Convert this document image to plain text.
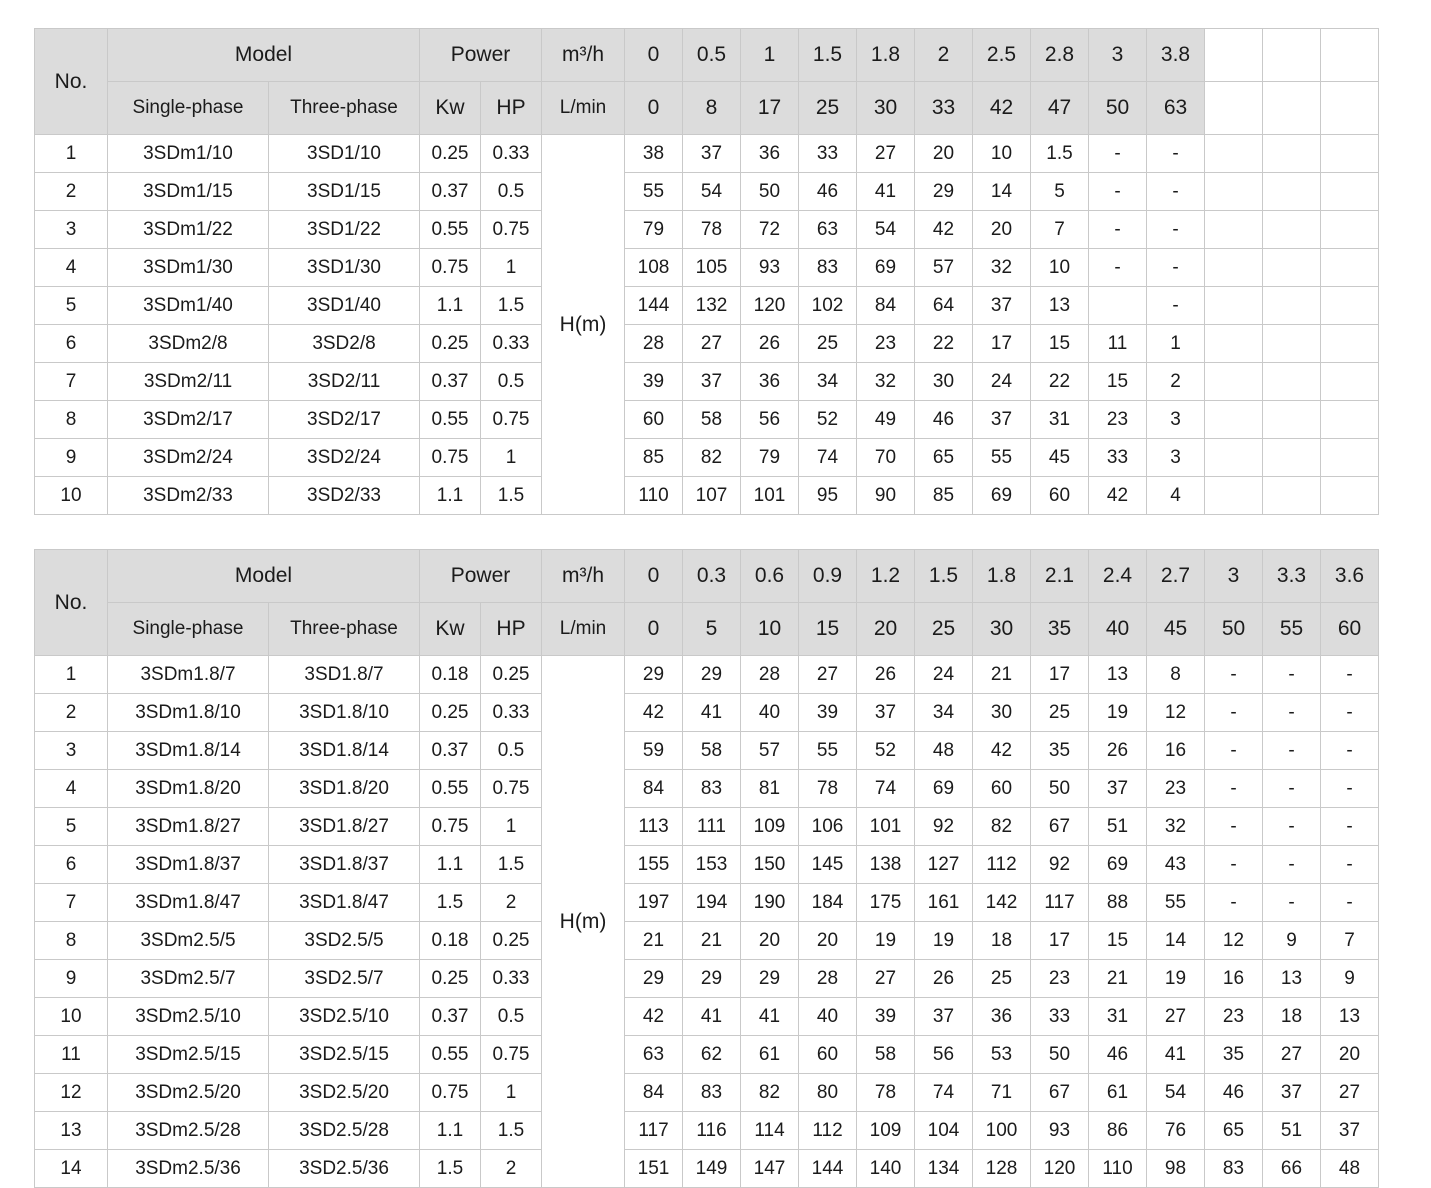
No.	Model		Power		m³/h	0	0.5	1	1.5	1.8	2	2.5	2.8	3	3.8			
	Single-phase	Three-phase	Kw	HP	L/min	0	8	17	25	30	33	42	47	50	63			
1	3SDm1/10	3SD1/10	0.25	0.33	H(m)	38	37	36	33	27	20	10	1.5	-	-			
2	3SDm1/15	3SD1/15	0.37	0.5		55	54	50	46	41	29	14	5	-	-			
3	3SDm1/22	3SD1/22	0.55	0.75		79	78	72	63	54	42	20	7	-	-			
4	3SDm1/30	3SD1/30	0.75	1		108	105	93	83	69	57	32	10	-	-			
5	3SDm1/40	3SD1/40	1.1	1.5		144	132	120	102	84	64	37	13		-			
6	3SDm2/8	3SD2/8	0.25	0.33		28	27	26	25	23	22	17	15	11	1			
7	3SDm2/11	3SD2/11	0.37	0.5		39	37	36	34	32	30	24	22	15	2			
8	3SDm2/17	3SD2/17	0.55	0.75		60	58	56	52	49	46	37	31	23	3			
9	3SDm2/24	3SD2/24	0.75	1		85	82	79	74	70	65	55	45	33	3			
10	3SDm2/33	3SD2/33	1.1	1.5		110	107	101	95	90	85	69	60	42	4			
No.	Model		Power		m³/h	0	0.3	0.6	0.9	1.2	1.5	1.8	2.1	2.4	2.7	3	3.3	3.6
	Single-phase	Three-phase	Kw	HP	L/min	0	5	10	15	20	25	30	35	40	45	50	55	60
1	3SDm1.8/7	3SD1.8/7	0.18	0.25	H(m)	29	29	28	27	26	24	21	17	13	8	-	-	-
2	3SDm1.8/10	3SD1.8/10	0.25	0.33		42	41	40	39	37	34	30	25	19	12	-	-	-
3	3SDm1.8/14	3SD1.8/14	0.37	0.5		59	58	57	55	52	48	42	35	26	16	-	-	-
4	3SDm1.8/20	3SD1.8/20	0.55	0.75		84	83	81	78	74	69	60	50	37	23	-	-	-
5	3SDm1.8/27	3SD1.8/27	0.75	1		113	111	109	106	101	92	82	67	51	32	-	-	-
6	3SDm1.8/37	3SD1.8/37	1.1	1.5		155	153	150	145	138	127	112	92	69	43	-	-	-
7	3SDm1.8/47	3SD1.8/47	1.5	2		197	194	190	184	175	161	142	117	88	55	-	-	-
8	3SDm2.5/5	3SD2.5/5	0.18	0.25		21	21	20	20	19	19	18	17	15	14	12	9	7
9	3SDm2.5/7	3SD2.5/7	0.25	0.33		29	29	29	28	27	26	25	23	21	19	16	13	9
10	3SDm2.5/10	3SD2.5/10	0.37	0.5		42	41	41	40	39	37	36	33	31	27	23	18	13
11	3SDm2.5/15	3SD2.5/15	0.55	0.75		63	62	61	60	58	56	53	50	46	41	35	27	20
12	3SDm2.5/20	3SD2.5/20	0.75	1		84	83	82	80	78	74	71	67	61	54	46	37	27
13	3SDm2.5/28	3SD2.5/28	1.1	1.5		117	116	114	112	109	104	100	93	86	76	65	51	37
14	3SDm2.5/36	3SD2.5/36	1.5	2		151	149	147	144	140	134	128	120	110	98	83	66	48
